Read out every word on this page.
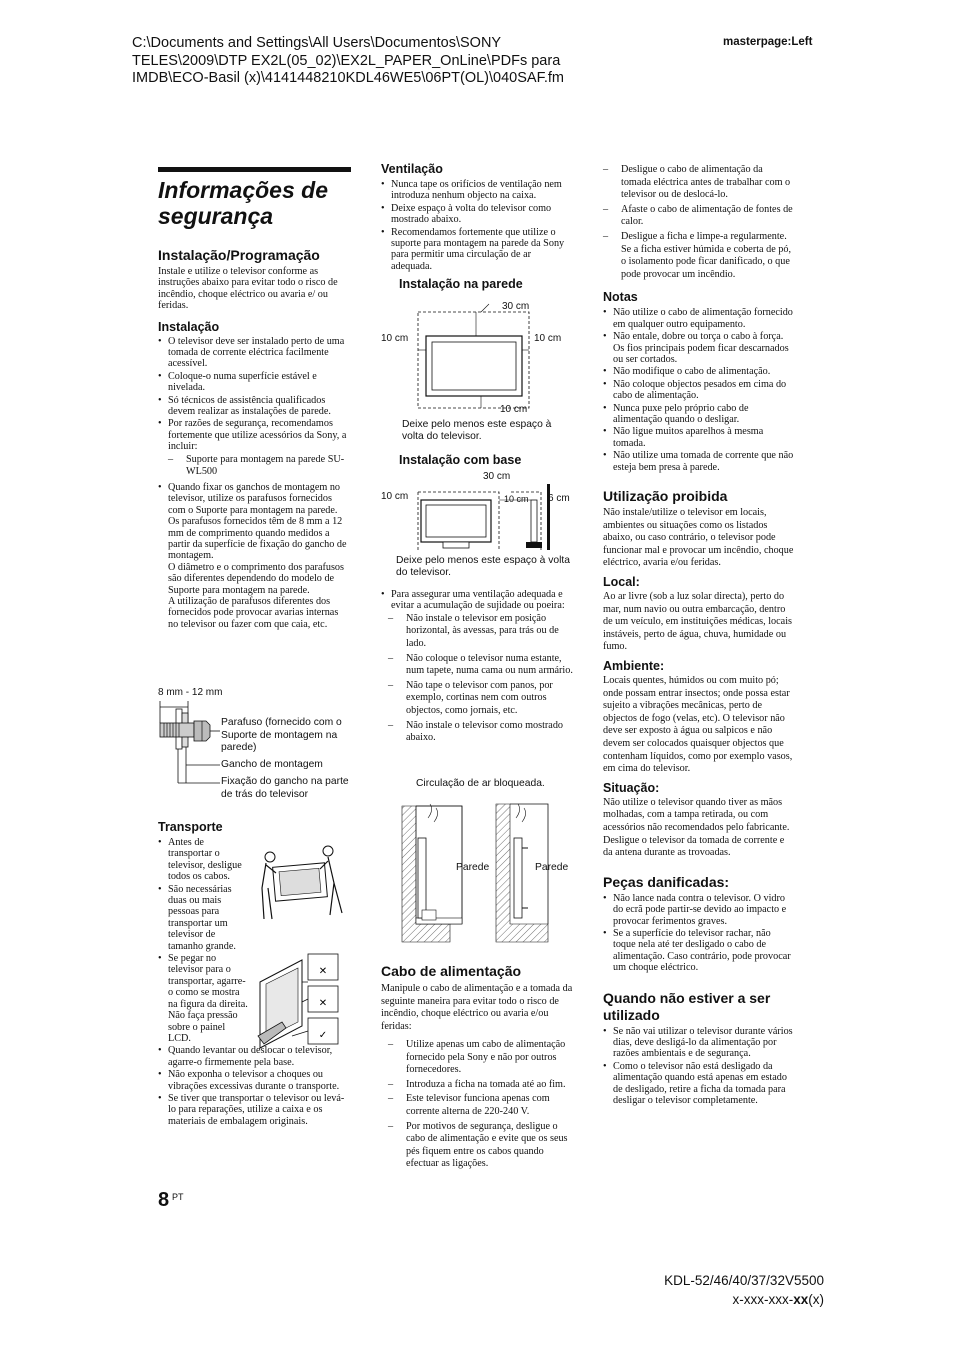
C:\Documents and Settings\All Users\Documentos\SONY
TELES\2009\DTP EX2L(05_02)\EX2L_PAPER_OnLine\PDFs para
IMDB\ECO-Basil (x)\4141448210KDL46WE5\06PT(OL)\040SAF.fm
masterpage:Left
Informações de
segurança
Instalação/Programação
Instale e utilize o televisor conforme as instruções abaixo para evitar todo o risco de incêndio, choque eléctrico ou avaria e/ ou feridas.
Instalação
• O televisor deve ser instalado perto de uma tomada de corrente eléctrica facilmente acessível.
• Coloque-o numa superfície estável e nivelada.
• Só técnicos de assistência qualificados devem realizar as instalações de parede.
• Por razões de segurança, recomendamos fortemente que utilize acessórios da Sony, a incluir:
– Suporte para montagem na parede SU-WL500
• Quando fixar os ganchos de montagem no televisor, utilize os parafusos fornecidos com o Suporte para montagem na parede. Os parafusos fornecidos têm de 8 mm a 12 mm de comprimento quando medidos a partir da superfície de fixação do gancho de montagem.
O diâmetro e o comprimento dos parafusos são diferentes dependendo do modelo de Suporte para montagem na parede.
A utilização de parafusos diferentes dos fornecidos pode provocar avarias internas no televisor ou fazer com que caia, etc.
8 mm - 12 mm
Parafuso (fornecido com o Suporte de montagem na parede)
Gancho de montagem
Fixação do gancho na parte de trás do televisor
Transporte
• Antes de transportar o televisor, desligue todos os cabos.
• São necessárias duas ou mais pessoas para transportar um televisor de tamanho grande.
• Se pegar no televisor para o transportar, agarre-o como se mostra na figura da direita. Não faça pressão sobre o painel LCD.
• Quando levantar ou deslocar o televisor, agarre-o firmemente pela base.
• Não exponha o televisor a choques ou vibrações excessivas durante o transporte.
• Se tiver que transportar o televisor ou levá-lo para reparações, utilize a caixa e os materiais de embalagem originais.
✕
✕
✓
Ventilação
• Nunca tape os orifícios de ventilação nem introduza nenhum objecto na caixa.
• Deixe espaço à volta do televisor como mostrado abaixo.
• Recomendamos fortemente que utilize o suporte para montagem na parede da Sony para permitir uma circulação de ar adequada.
Instalação na parede
30 cm
10 cm	10 cm
10 cm
Deixe pelo menos este espaço à volta do televisor.
Instalação com base
30 cm
10 cm	10 cm 6 cm
Deixe pelo menos este espaço à volta do televisor.
• Para assegurar uma ventilação adequada e evitar a acumulação de sujidade ou poeira:
– Não instale o televisor em posição horizontal, às avessas, para trás ou de lado.
– Não coloque o televisor numa estante, num tapete, numa cama ou num armário.
– Não tape o televisor com panos, por exemplo, cortinas nem com outros objectos, como jornais, etc.
– Não instale o televisor como mostrado abaixo.
Circulação de ar bloqueada.
Parede	Parede
Cabo de alimentação
Manipule o cabo de alimentação e a tomada da seguinte maneira para evitar todo o risco de incêndio, choque eléctrico ou avaria e/ou feridas:
– Utilize apenas um cabo de alimentação fornecido pela Sony e não por outros fornecedores.
– Introduza a ficha na tomada até ao fim.
– Este televisor funciona apenas com corrente alterna de 220-240 V.
– Por motivos de segurança, desligue o cabo de alimentação e evite que os seus pés fiquem entre os cabos quando efectuar as ligações.
– Desligue o cabo de alimentação da tomada eléctrica antes de trabalhar com o televisor ou de deslocá-lo.
– Afaste o cabo de alimentação de fontes de calor.
– Desligue a ficha e limpe-a regularmente. Se a ficha estiver húmida e coberta de pó, o isolamento pode ficar danificado, o que pode provocar um incêndio.
Notas
• Não utilize o cabo de alimentação fornecido em qualquer outro equipamento.
• Não entale, dobre ou torça o cabo à força. Os fios principais podem ficar descarnados ou ser cortados.
• Não modifique o cabo de alimentação.
• Não coloque objectos pesados em cima do cabo de alimentação.
• Nunca puxe pelo próprio cabo de alimentação quando o desligar.
• Não ligue muitos aparelhos à mesma tomada.
• Não utilize uma tomada de corrente que não esteja bem presa à parede.
Utilização proibida
Não instale/utilize o televisor em locais, ambientes ou situações como os listados abaixo, ou caso contrário, o televisor pode funcionar mal e provocar um incêndio, choque eléctrico, avaria e/ou feridas.
Local:
Ao ar livre (sob a luz solar directa), perto do mar, num navio ou outra embarcação, dentro de um veículo, em instituições médicas, locais instáveis, perto de água, chuva, humidade ou fumo.
Ambiente:
Locais quentes, húmidos ou com muito pó; onde possam entrar insectos; onde possa estar sujeito a vibrações mecânicas, perto de objectos de fogo (velas, etc). O televisor não deve ser exposto à água ou salpicos e não devem ser colocados quaisquer objectos que contenham líquidos, como por exemplo vasos, em cima do televisor.
Situação:
Não utilize o televisor quando tiver as mãos molhadas, com a tampa retirada, ou com acessórios não recomendados pelo fabricante. Desligue o televisor da tomada de corrente e da antena durante as trovoadas.
Peças danificadas:
• Não lance nada contra o televisor. O vidro do ecrã pode partir-se devido ao impacto e provocar ferimentos graves.
• Se a superfície do televisor rachar, não toque nela até ter desligado o cabo de alimentação. Caso contrário, pode provocar um choque eléctrico.
Quando não estiver a ser
utilizado
• Se não vai utilizar o televisor durante vários dias, deve desligá-lo da alimentação por razões ambientais e de segurança.
• Como o televisor não está desligado da alimentação quando está apenas em estado de desligado, retire a ficha da tomada para desligar o televisor completamente.
8 PT
KDL-52/46/40/37/32V5500
x-xxx-xxx-xx(x)
